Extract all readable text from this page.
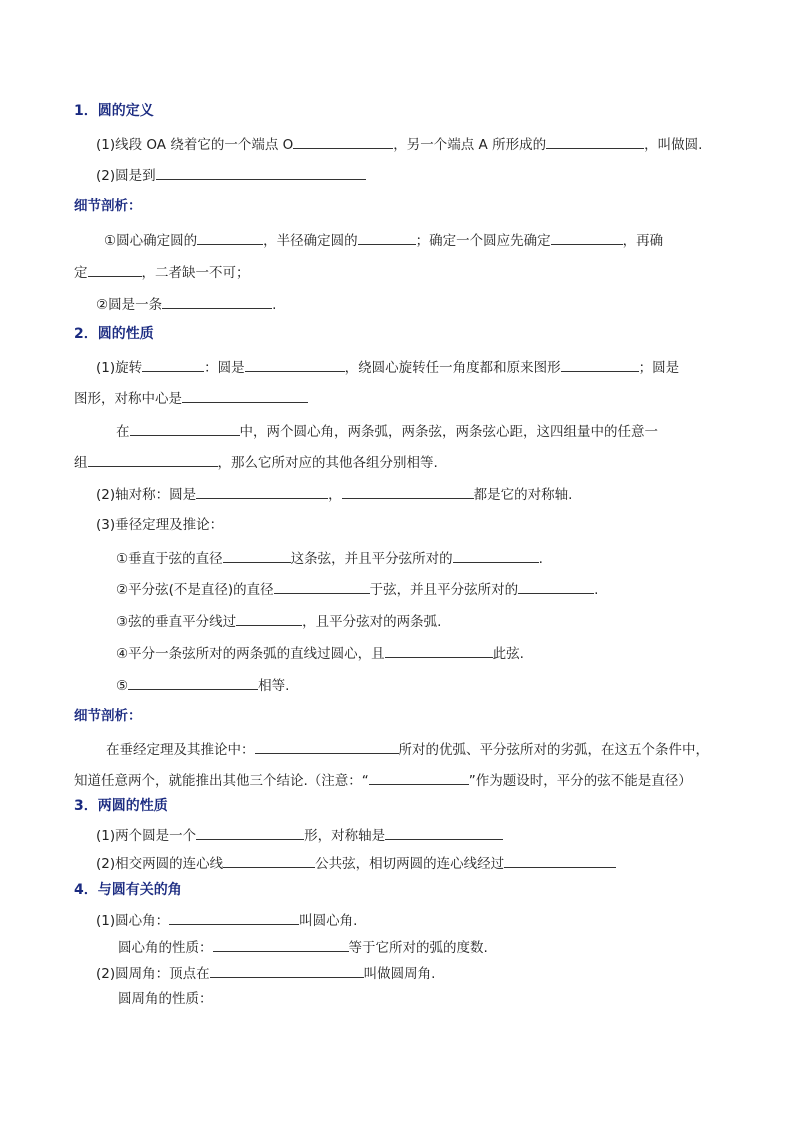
1．圆的定义
(1)线段 OA 绕着它的一个端点 O	，另一个端点 A 所形成的	，叫做圆.
(2)圆是到
细节剖析：
①圆心确定圆的	，半径确定圆的	；确定一个圆应先确定	，再确
定	，二者缺一不可；
②圆是一条	.
2．圆的性质
(1)旋转	：圆是	，绕圆心旋转任一角度都和原来图形	；圆是
图形，对称中心是
在	中，两个圆心角，两条弧，两条弦，两条弦心距，这四组量中的任意一
组	，那么它所对应的其他各组分别相等.
(2)轴对称：圆是	，	都是它的对称轴.
(3)垂径定理及推论：
①垂直于弦的直径	这条弦，并且平分弦所对的	.
②平分弦(不是直径)的直径	于弦，并且平分弦所对的	.
③弦的垂直平分线过	，且平分弦对的两条弧.
④平分一条弦所对的两条弧的直线过圆心，且	此弦.
⑤	相等.
细节剖析：
在垂经定理及其推论中：	所对的优弧、平分弦所对的劣弧，在这五个条件中，
知道任意两个，就能推出其他三个结论.（注意：“	”作为题设时，平分的弦不能是直径）
3．两圆的性质
(1)两个圆是一个	形，对称轴是
(2)相交两圆的连心线	公共弦，相切两圆的连心线经过
4．与圆有关的角
(1)圆心角：	叫圆心角.
圆心角的性质：	等于它所对的弧的度数.
(2)圆周角：顶点在	叫做圆周角.
圆周角的性质：
